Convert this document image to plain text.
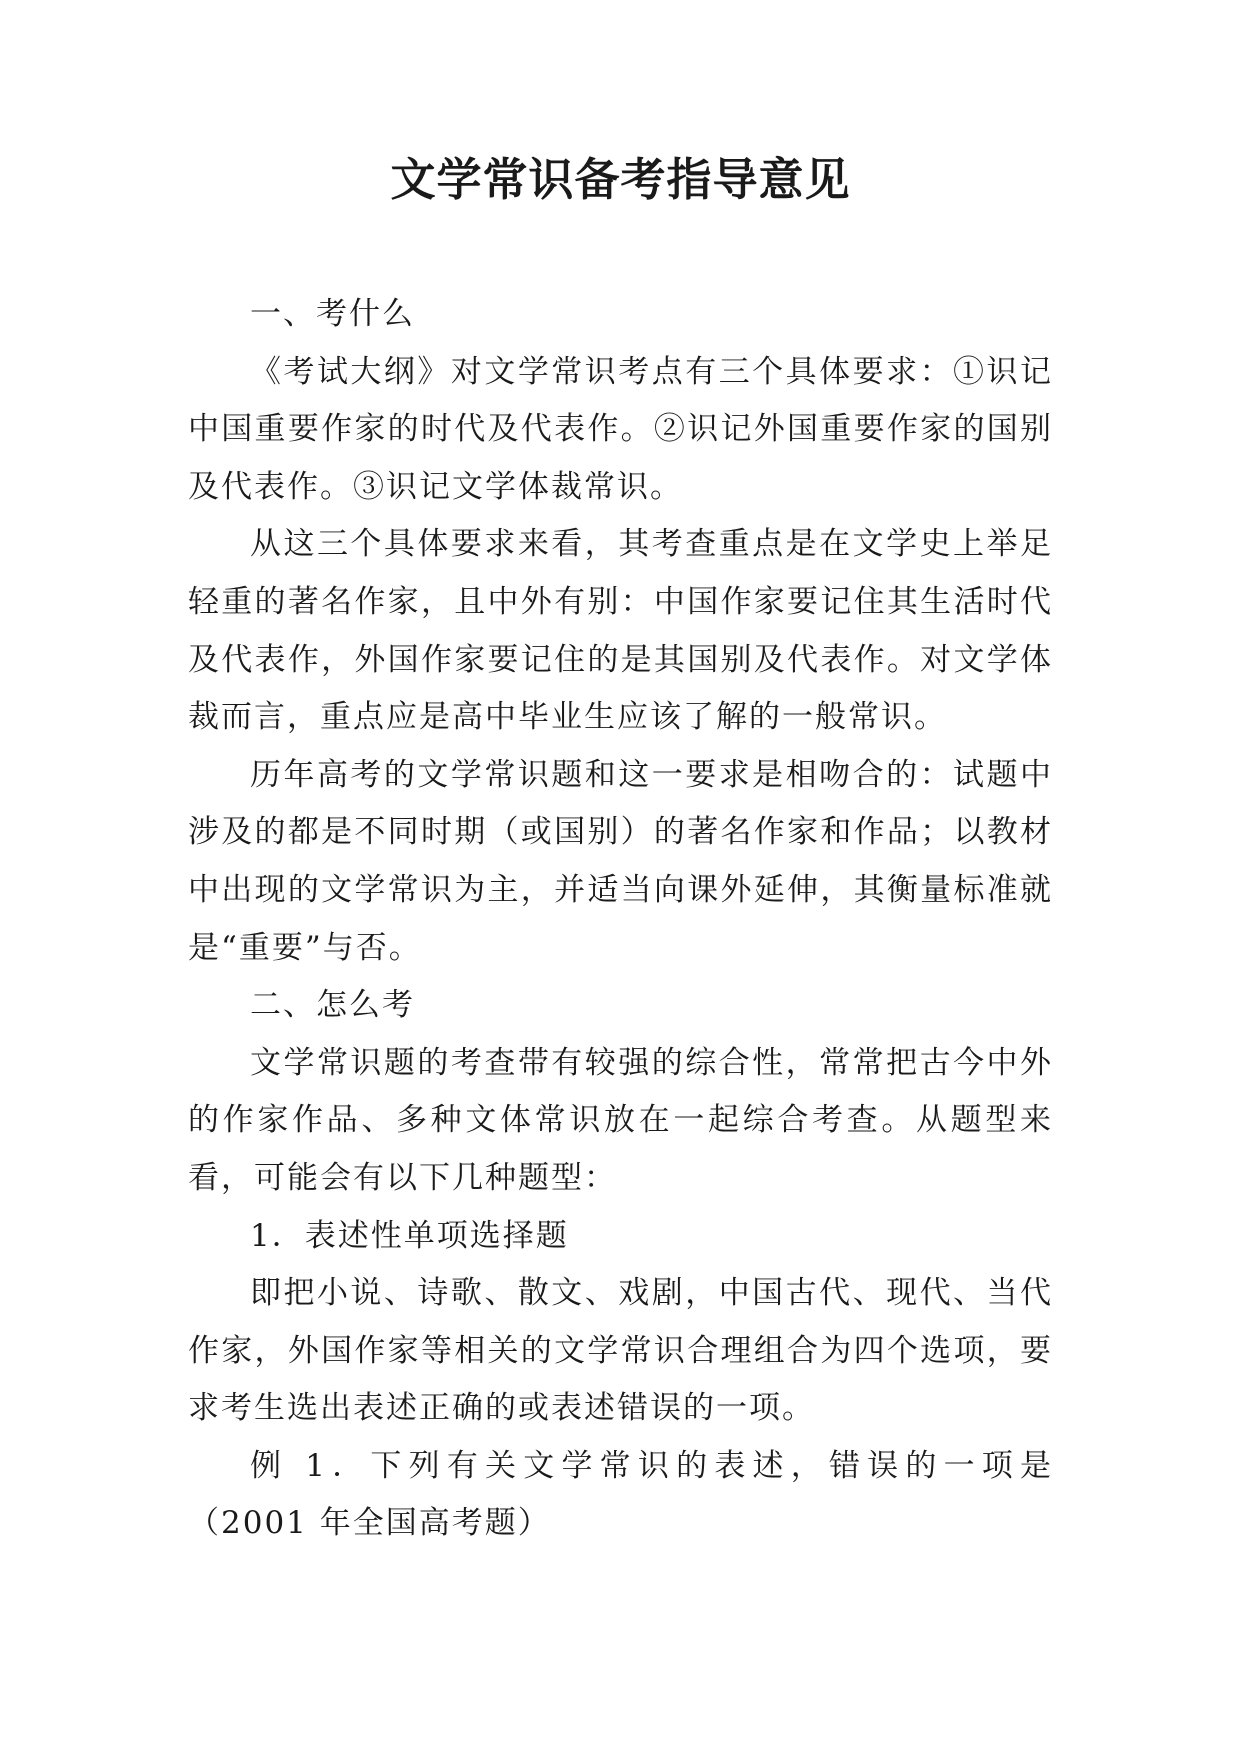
文学常识备考指导意见

一、考什么

《考试大纲》对文学常识考点有三个具体要求：①识记中国重要作家的时代及代表作。②识记外国重要作家的国别及代表作。③识记文学体裁常识。

从这三个具体要求来看，其考查重点是在文学史上举足轻重的著名作家，且中外有别：中国作家要记住其生活时代及代表作，外国作家要记住的是其国别及代表作。对文学体裁而言，重点应是高中毕业生应该了解的一般常识。

历年高考的文学常识题和这一要求是相吻合的：试题中涉及的都是不同时期（或国别）的著名作家和作品；以教材中出现的文学常识为主，并适当向课外延伸，其衡量标准就是“重要”与否。

二、怎么考

文学常识题的考查带有较强的综合性，常常把古今中外的作家作品、多种文体常识放在一起综合考查。从题型来看，可能会有以下几种题型：

1．表述性单项选择题

即把小说、诗歌、散文、戏剧，中国古代、现代、当代作家，外国作家等相关的文学常识合理组合为四个选项，要求考生选出表述正确的或表述错误的一项。

例 1．下列有关文学常识的表述，错误的一项是（2001 年全国高考题）
